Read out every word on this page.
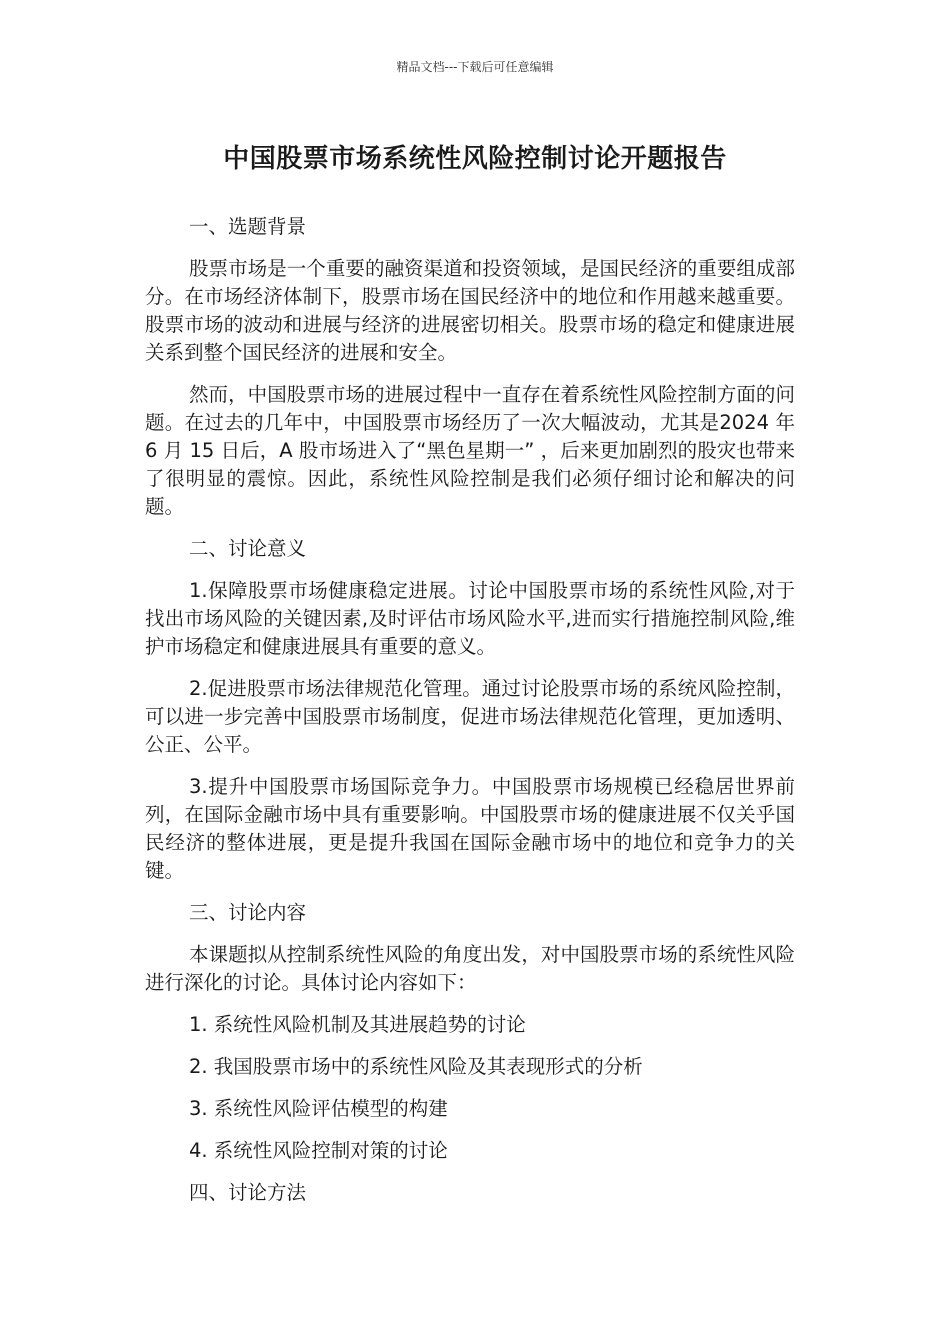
精品文档---下载后可任意编辑
中国股票市场系统性风险控制讨论开题报告

一、选题背景

股票市场是一个重要的融资渠道和投资领域，是国民经济的重要组成部分。在市场经济体制下，股票市场在国民经济中的地位和作用越来越重要。股票市场的波动和进展与经济的进展密切相关。股票市场的稳定和健康进展关系到整个国民经济的进展和安全。

然而，中国股票市场的进展过程中一直存在着系统性风险控制方面的问题。在过去的几年中，中国股票市场经历了一次大幅波动，尤其是2024 年 6 月 15 日后，A 股市场进入了“黑色星期一” ，后来更加剧烈的股灾也带来了很明显的震惊。因此，系统性风险控制是我们必须仔细讨论和解决的问题。

二、讨论意义

1.保障股票市场健康稳定进展。讨论中国股票市场的系统性风险,对于找出市场风险的关键因素,及时评估市场风险水平,进而实行措施控制风险,维护市场稳定和健康进展具有重要的意义。

2.促进股票市场法律规范化管理。通过讨论股票市场的系统风险控制，可以进一步完善中国股票市场制度，促进市场法律规范化管理，更加透明、公正、公平。

3.提升中国股票市场国际竞争力。中国股票市场规模已经稳居世界前列，在国际金融市场中具有重要影响。中国股票市场的健康进展不仅关乎国民经济的整体进展，更是提升我国在国际金融市场中的地位和竞争力的关键。

三、讨论内容

本课题拟从控制系统性风险的角度出发，对中国股票市场的系统性风险进行深化的讨论。具体讨论内容如下：

1. 系统性风险机制及其进展趋势的讨论

2. 我国股票市场中的系统性风险及其表现形式的分析

3. 系统性风险评估模型的构建

4. 系统性风险控制对策的讨论

四、讨论方法
